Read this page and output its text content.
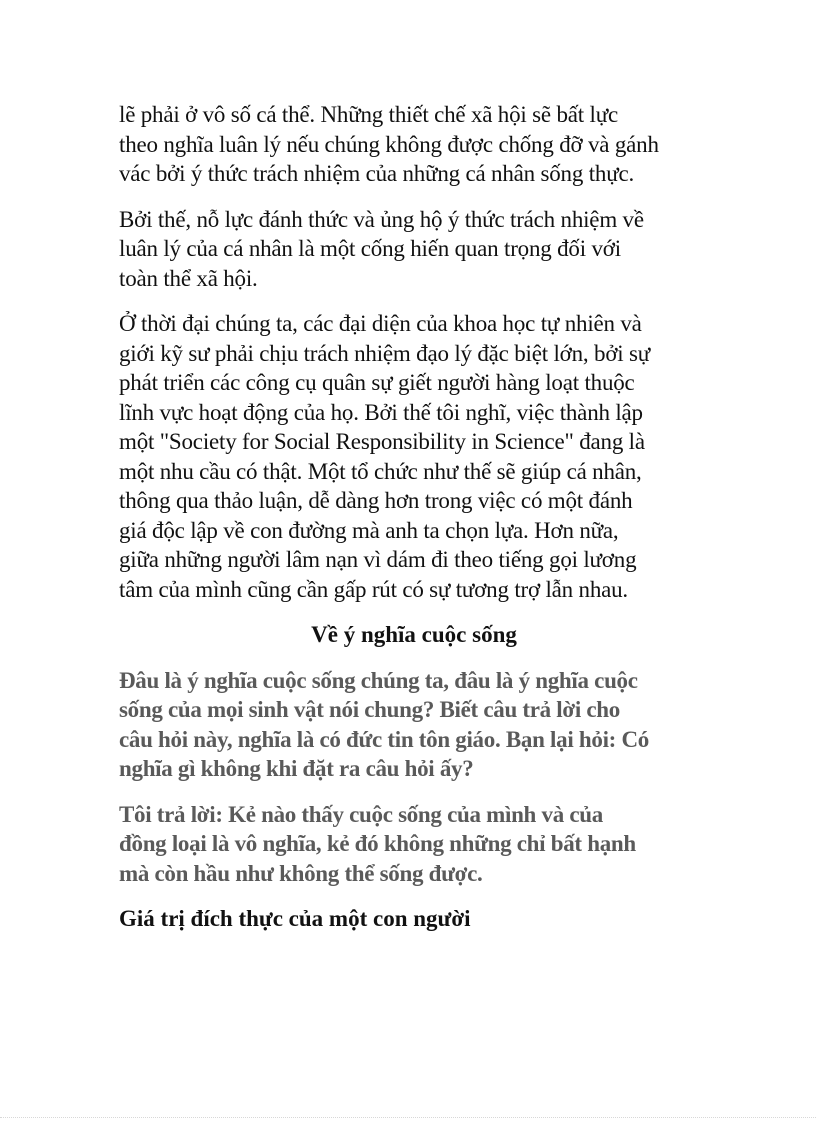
lẽ phải ở vô số cá thể. Những thiết chế xã hội sẽ bất lực
theo nghĩa luân lý nếu chúng không được chống đỡ và gánh
vác bởi ý thức trách nhiệm của những cá nhân sống thực.

Bởi thế, nỗ lực đánh thức và ủng hộ ý thức trách nhiệm về
luân lý của cá nhân là một cống hiến quan trọng đối với
toàn thể xã hội.

Ở thời đại chúng ta, các đại diện của khoa học tự nhiên và
giới kỹ sư phải chịu trách nhiệm đạo lý đặc biệt lớn, bởi sự
phát triển các công cụ quân sự giết người hàng loạt thuộc
lĩnh vực hoạt động của họ. Bởi thế tôi nghĩ, việc thành lập
một "Society for Social Responsibility in Science" đang là
một nhu cầu có thật. Một tổ chức như thế sẽ giúp cá nhân,
thông qua thảo luận, dễ dàng hơn trong việc có một đánh
giá độc lập về con đường mà anh ta chọn lựa. Hơn nữa,
giữa những người lâm nạn vì dám đi theo tiếng gọi lương
tâm của mình cũng cần gấp rút có sự tương trợ lẫn nhau.

Về ý nghĩa cuộc sống

Đâu là ý nghĩa cuộc sống chúng ta, đâu là ý nghĩa cuộc
sống của mọi sinh vật nói chung? Biết câu trả lời cho
câu hỏi này, nghĩa là có đức tin tôn giáo. Bạn lại hỏi: Có
nghĩa gì không khi đặt ra câu hỏi ấy?

Tôi trả lời: Kẻ nào thấy cuộc sống của mình và của
đồng loại là vô nghĩa, kẻ đó không những chỉ bất hạnh
mà còn hầu như không thể sống được.

Giá trị đích thực của một con người
